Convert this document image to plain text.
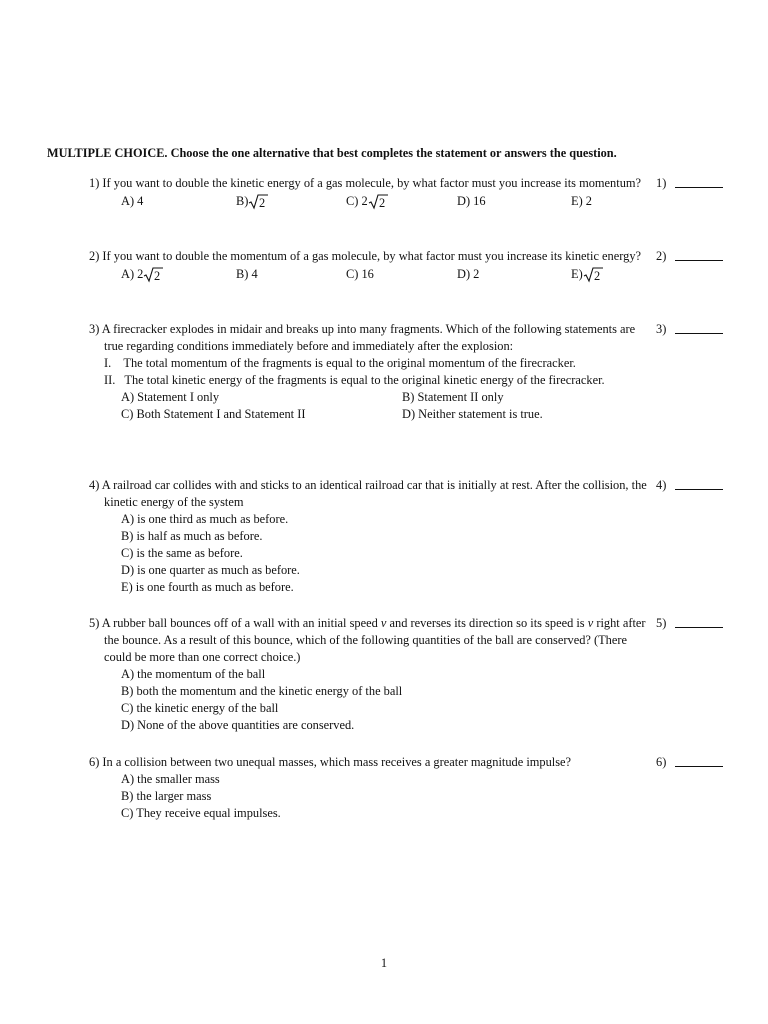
MULTIPLE CHOICE. Choose the one alternative that best completes the statement or answers the question.
1) If you want to double the kinetic energy of a gas molecule, by what factor must you increase its momentum?	1)
A) 4	B) 2	C) 2 2	D) 16	E) 2
2) If you want to double the momentum of a gas molecule, by what factor must you increase its kinetic energy?	2)
A) 2 2	B) 4	C) 16	D) 2	E) 2
3) A firecracker explodes in midair and breaks up into many fragments. Which of the following statements are true regarding conditions immediately before and immediately after the explosion:
3)
I.    The total momentum of the fragments is equal to the original momentum of the firecracker.
II.   The total kinetic energy of the fragments is equal to the original kinetic energy of the firecracker.
A) Statement I only	B) Statement II only
C) Both Statement I and Statement II	D) Neither statement is true.
4) A railroad car collides with and sticks to an identical railroad car that is initially at rest. After the collision, the kinetic energy of the system
4)
A) is one third as much as before.
B) is half as much as before.
C) is the same as before.
D) is one quarter as much as before.
E) is one fourth as much as before.
5) A rubber ball bounces off of a wall with an initial speed v and reverses its direction so its speed is v right after the bounce. As a result of this bounce, which of the following quantities of the ball are conserved? (There could be more than one correct choice.)
5)
A) the momentum of the ball
B) both the momentum and the kinetic energy of the ball
C) the kinetic energy of the ball
D) None of the above quantities are conserved.
6) In a collision between two unequal masses, which mass receives a greater magnitude impulse?	6)
A) the smaller mass
B) the larger mass
C) They receive equal impulses.
1
